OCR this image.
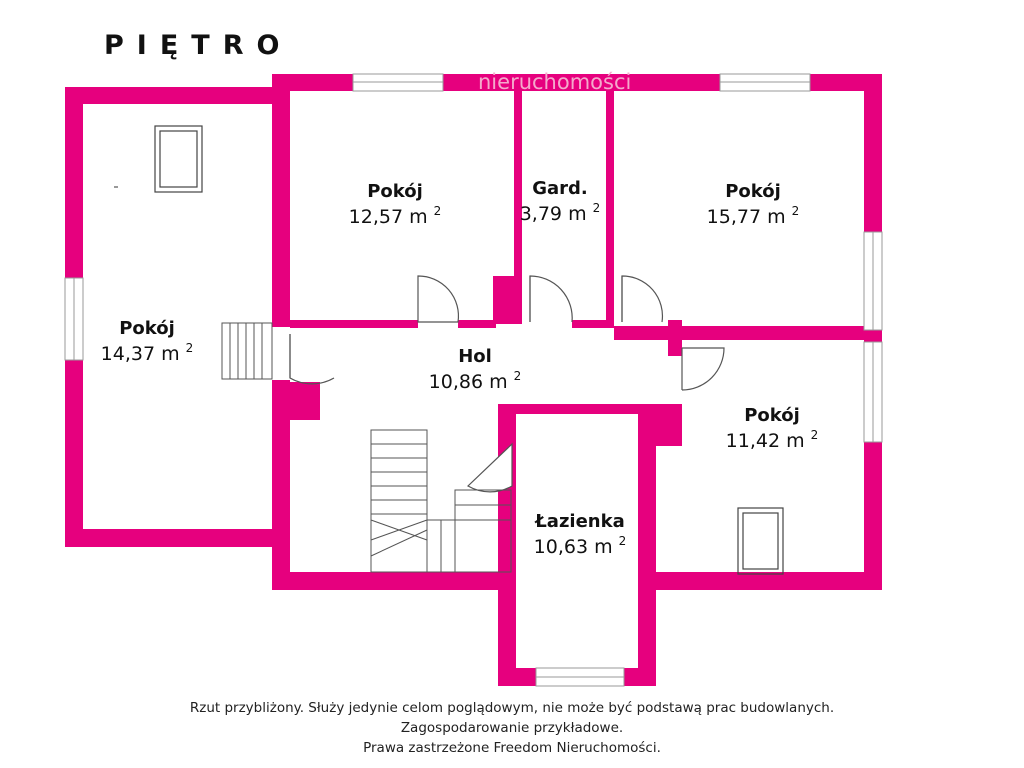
PIĘTRO
nieruchomości
Pokój
14,37 m $^2$
Pokój
12,57 m $^2$
Gard.
3,79 m $^2$
Pokój
15,77 m $^2$
Hol
10,86 m $^2$
Pokój
11,42 m $^2$
Łazienka
10,63 m $^2$
Rzut przybliżony. Służy jedynie celom poglądowym, nie może być podstawą prac budowlanych.
Zagospodarowanie przykładowe.
Prawa zastrzeżone Freedom Nieruchomości.
